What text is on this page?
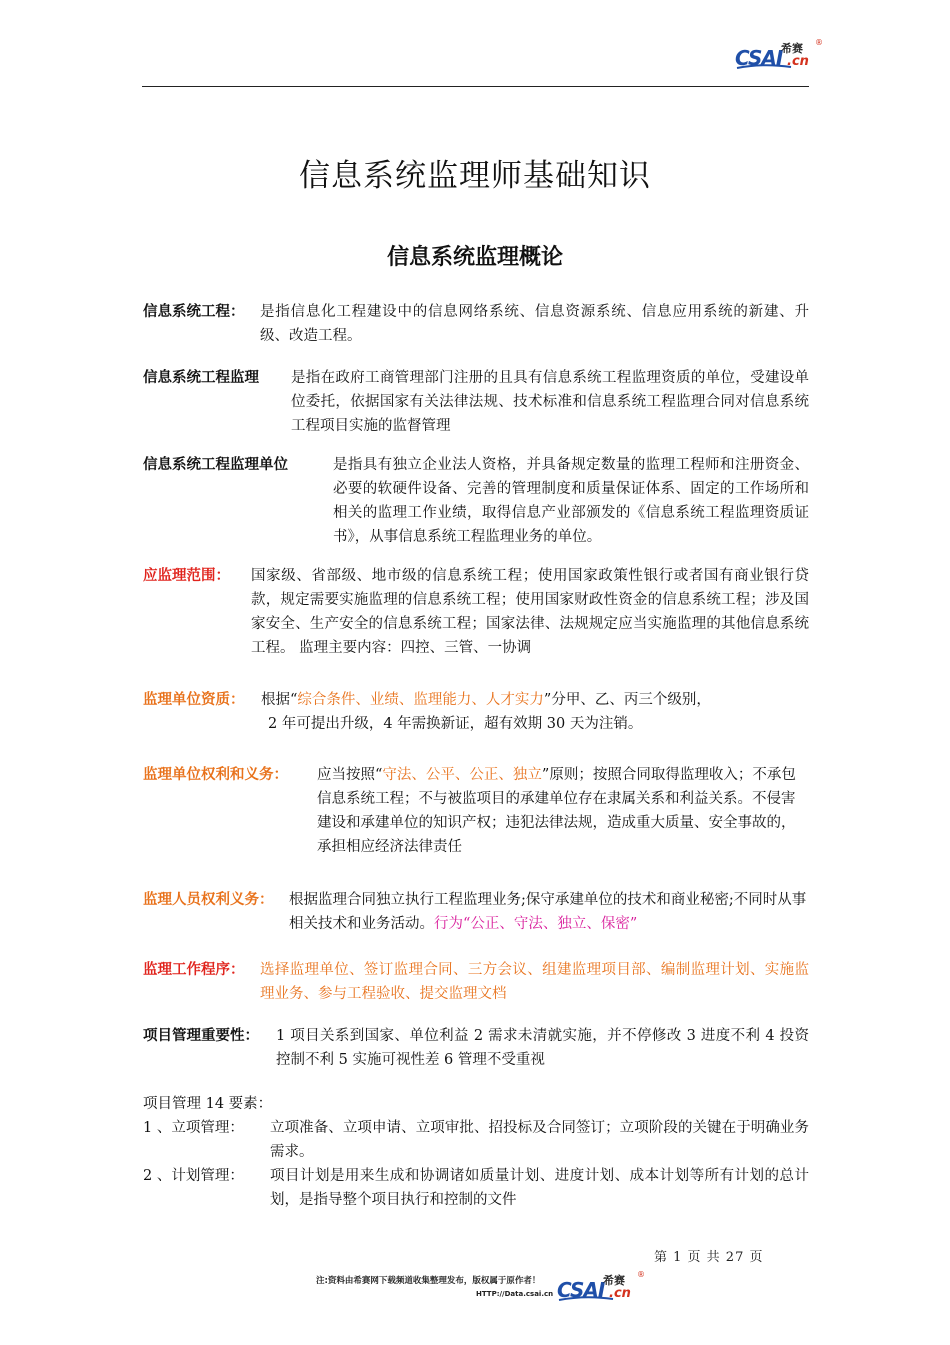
CSAI
希赛 ®
.cn
信息系统监理师基础知识
信息系统监理概论
信息系统工程： 是指信息化工程建设中的信息网络系统、信息资源系统、信息应用系统的新建、升级、改造工程。
信息系统工程监理 是指在政府工商管理部门注册的且具有信息系统工程监理资质的单位，受建设单位委托，依据国家有关法律法规、技术标准和信息系统工程监理合同对信息系统工程项目实施的监督管理
信息系统工程监理单位	是指具有独立企业法人资格，并具备规定数量的监理工程师和注册资金、必要的软硬件设备、完善的管理制度和质量保证体系、固定的工作场所和相关的监理工作业绩，取得信息产业部颁发的《信息系统工程监理资质证书》，从事信息系统工程监理业务的单位。
应监理范围： 国家级、省部级、地市级的信息系统工程；使用国家政策性银行或者国有商业银行贷款，规定需要实施监理的信息系统工程；使用国家财政性资金的信息系统工程；涉及国家安全、生产安全的信息系统工程；国家法律、法规规定应当实施监理的其他信息系统工程。 监理主要内容：四控、三管、一协调
监理单位资质： 根据“综合条件、业绩、监理能力、人才实力”分甲、乙、丙三个级别，
2 年可提出升级，4 年需换新证，超有效期 30 天为注销。
监理单位权利和义务： 应当按照“守法、公平、公正、独立”原则；按照合同取得监理收入；不承包信息系统工程；不与被监项目的承建单位存在隶属关系和利益关系。不侵害建设和承建单位的知识产权；违犯法律法规，造成重大质量、安全事故的，承担相应经济法律责任
监理人员权利义务： 根据监理合同独立执行工程监理业务;保守承建单位的技术和商业秘密;不同时从事相关技术和业务活动。行为“公正、守法、独立、保密”
监理工作程序： 选择监理单位、签订监理合同、三方会议、组建监理项目部、编制监理计划、实施监理业务、参与工程验收、提交监理文档
项目管理重要性： 1 项目关系到国家、单位利益 2 需求未清就实施，并不停修改 3 进度不利 4 投资控制不利 5 实施可视性差 6 管理不受重视
项目管理 14 要素：
1 、立项管理： 立项准备、立项申请、立项审批、招投标及合同签订；立项阶段的关键在于明确业务需求。
2 、计划管理： 项目计划是用来生成和协调诸如质量计划、进度计划、成本计划等所有计划的总计划，是指导整个项目执行和控制的文件
第 1 页 共 27 页
注:资料由希赛网下载频道收集整理发布，版权属于原作者！
HTTP://Data.csai.cn CSAI
希赛 ®
.cn
